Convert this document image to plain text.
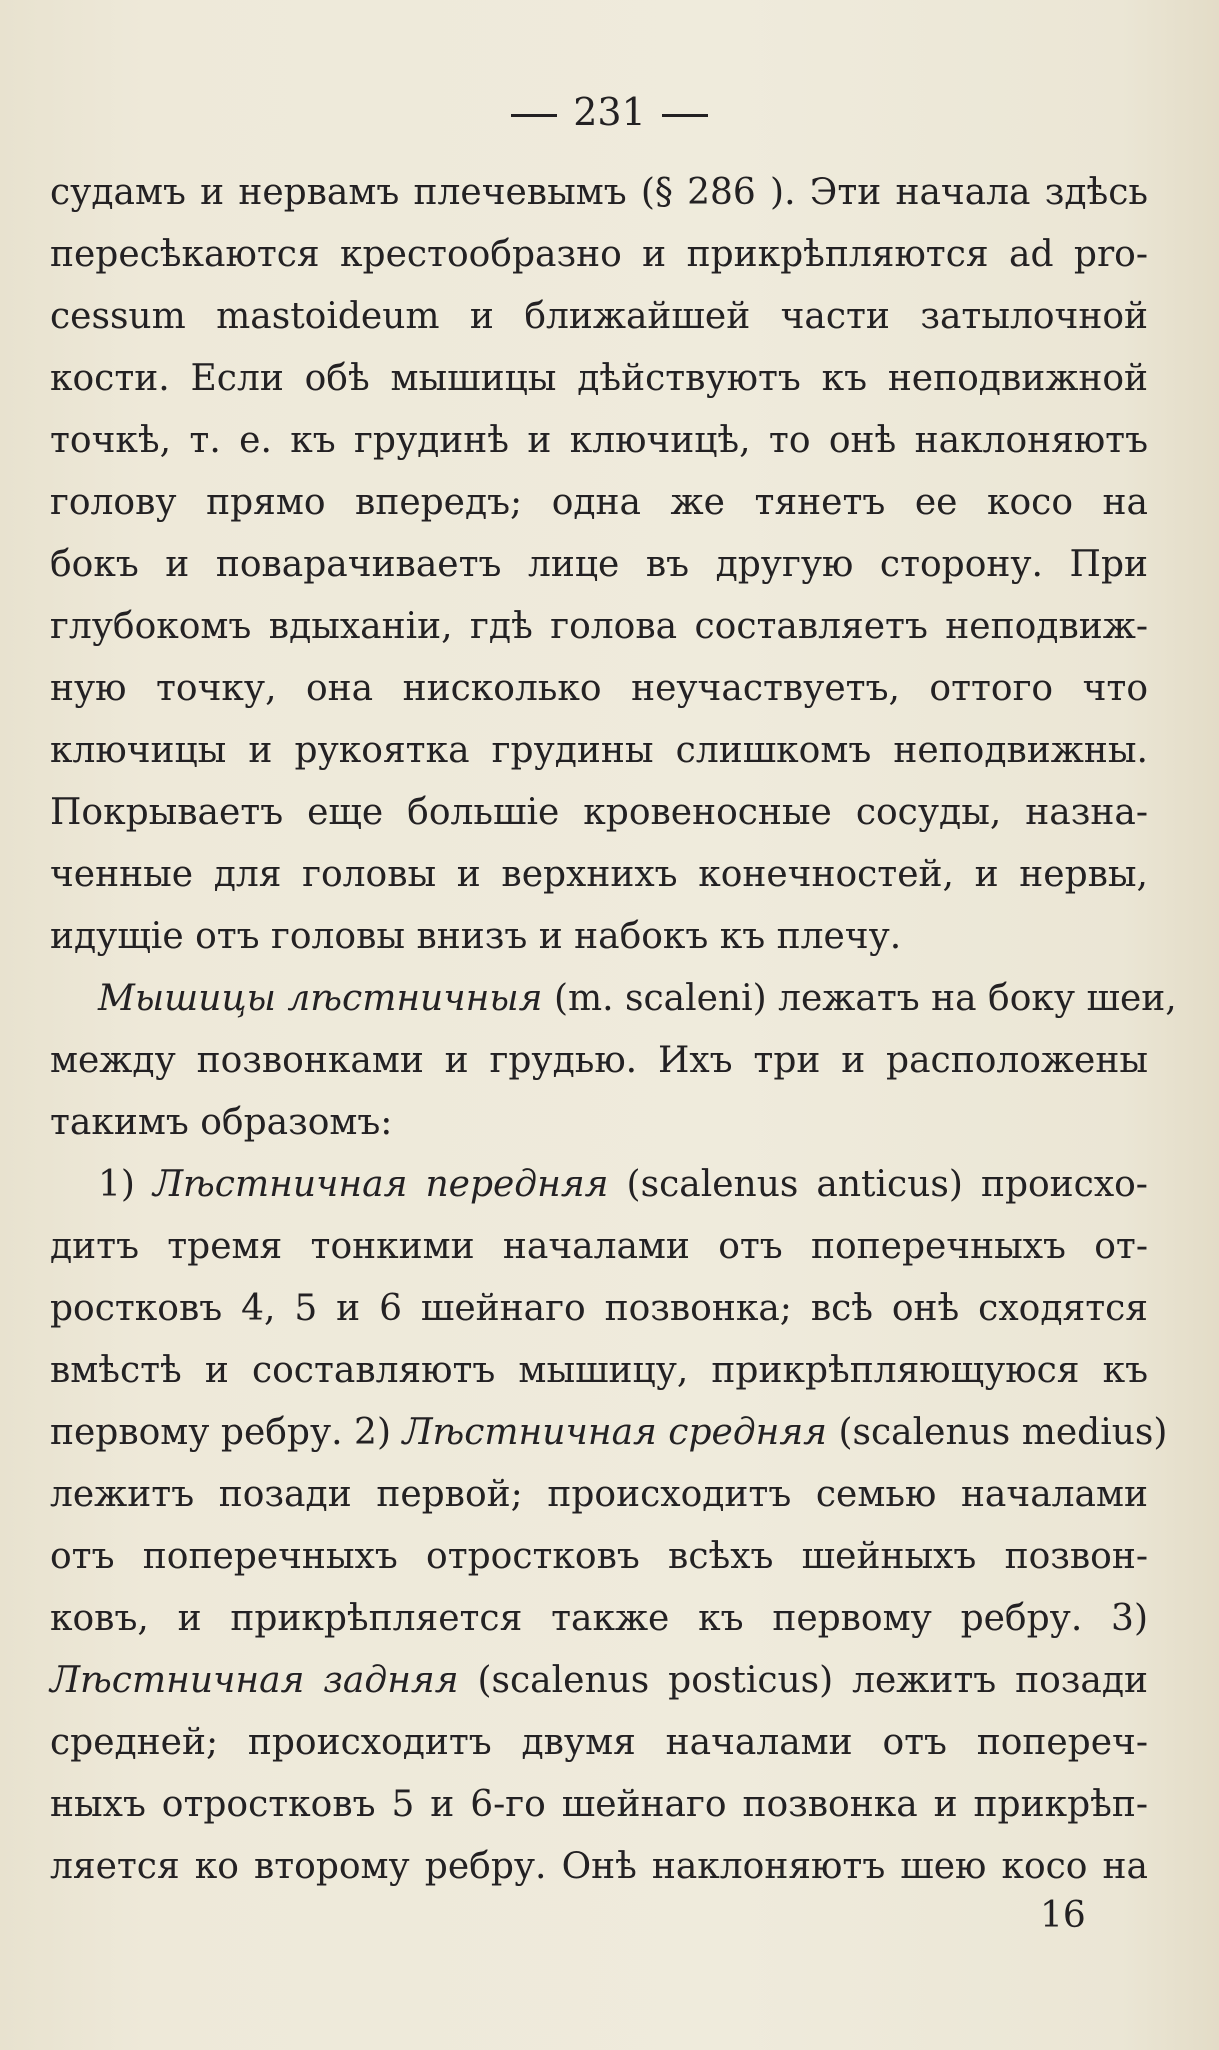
231
судамъ и нервамъ плечевымъ (§ 286 ). Эти начала здѣсь
пересѣкаются крестообразно и прикрѣпляются ad pro-
cessum mastoideum и ближайшей части затылочной
кости. Если обѣ мышицы дѣйствуютъ къ неподвижной
точкѣ, т. е. къ грудинѣ и ключицѣ, то онѣ наклоняютъ
голову прямо впередъ; одна же тянетъ ее косо на
бокъ и поварачиваетъ лице въ другую сторону. При
глубокомъ вдыханіи, гдѣ голова составляетъ неподвиж-
ную точку, она нисколько неучаствуетъ, оттого что
ключицы и рукоятка грудины слишкомъ неподвижны.
Покрываетъ еще большіе кровеносные сосуды, назна-
ченные для головы и верхнихъ конечностей, и нервы,
идущіе отъ головы внизъ и набокъ къ плечу.
Мышицы лѣстничныя (m. scaleni) лежатъ на боку шеи,
между позвонками и грудью. Ихъ три и расположены
такимъ образомъ:
1) Лѣстничная передняя (scalenus anticus) происхо-
дитъ тремя тонкими началами отъ поперечныхъ от-
ростковъ 4, 5 и 6 шейнаго позвонка; всѣ онѣ сходятся
вмѣстѣ и составляютъ мышицу, прикрѣпляющуюся къ
первому ребру. 2) Лѣстничная средняя (scalenus medius)
лежитъ позади первой; происходитъ семью началами
отъ поперечныхъ отростковъ всѣхъ шейныхъ позвон-
ковъ, и прикрѣпляется также къ первому ребру. 3)
Лѣстничная задняя (scalenus posticus) лежитъ позади
средней; происходитъ двумя началами отъ попереч-
ныхъ отростковъ 5 и 6-го шейнаго позвонка и прикрѣп-
ляется ко второму ребру. Онѣ наклоняютъ шею косо на
16
